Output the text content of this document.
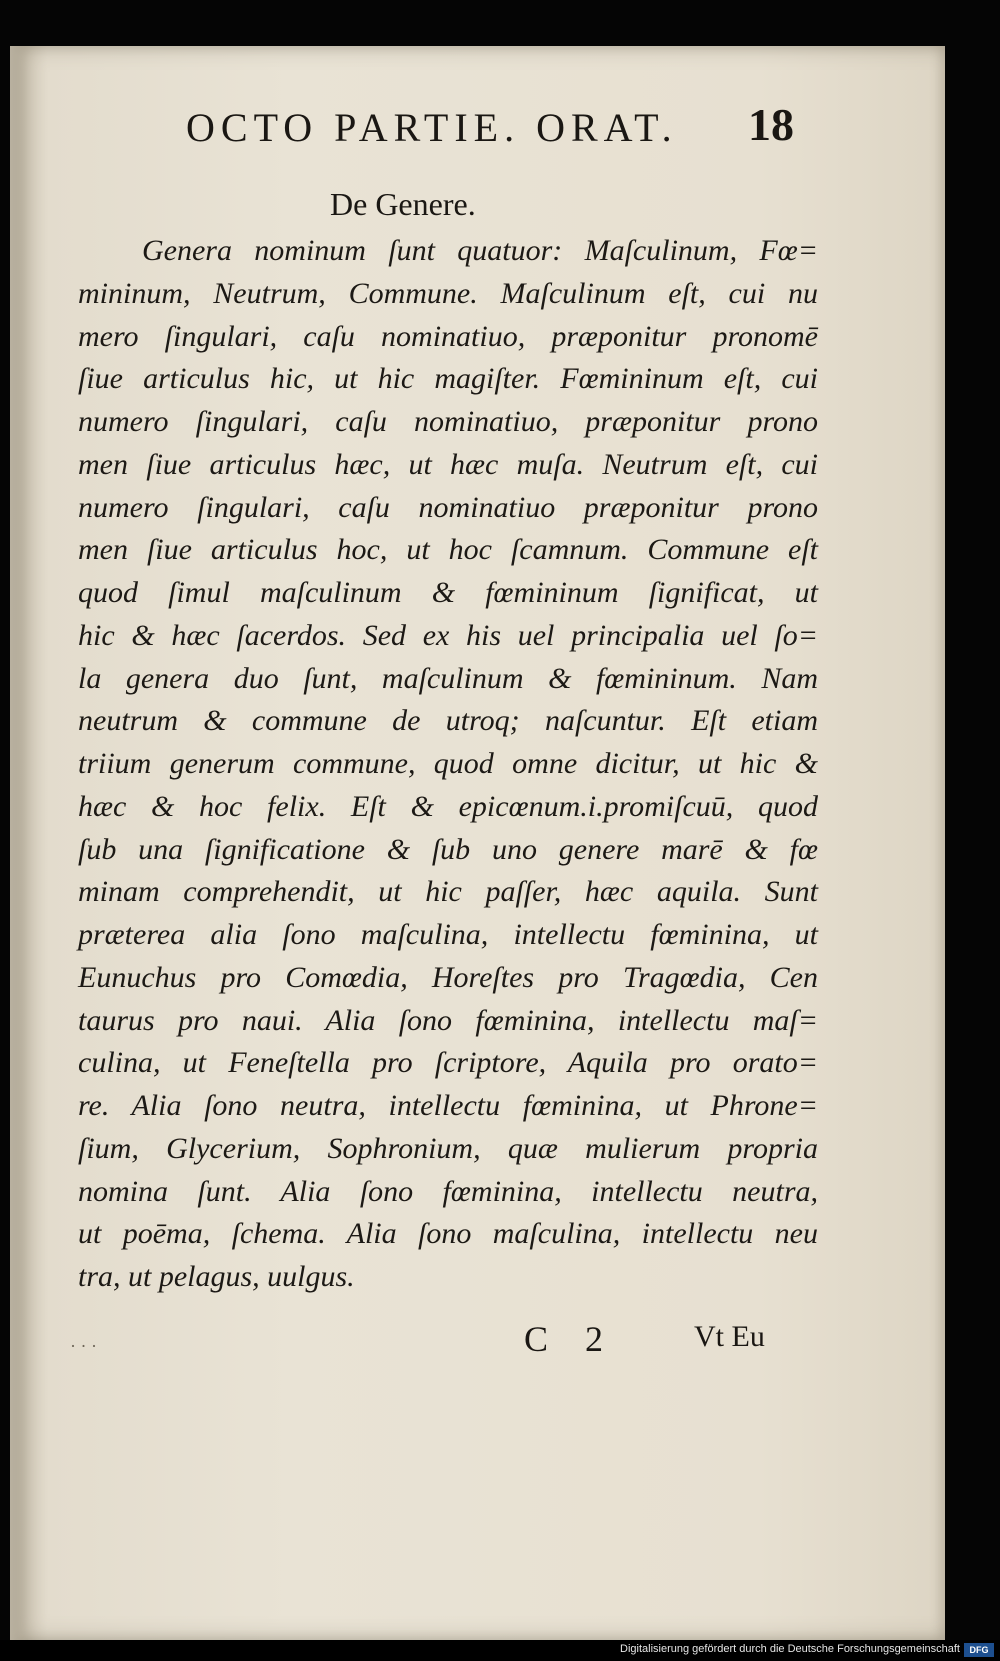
OCTO PARTIE. ORAT.	18
De Genere.
Genera nominum ſunt quatuor: Maſculinum, Fœ=
mininum, Neutrum, Commune. Maſculinum eſt, cui nu
mero ſingulari, caſu nominatiuo, præponitur pronomē
ſiue articulus hic, ut hic magiſter. Fœmininum eſt, cui
numero ſingulari, caſu nominatiuo, præponitur prono
men ſiue articulus hæc, ut hæc muſa. Neutrum eſt, cui
numero ſingulari, caſu nominatiuo præponitur prono
men ſiue articulus hoc, ut hoc ſcamnum. Commune eſt
quod ſimul maſculinum & fœmininum ſignificat, ut
hic & hæc ſacerdos. Sed ex his uel principalia uel ſo=
la genera duo ſunt, maſculinum & fœmininum. Nam
neutrum & commune de utroq; naſcuntur. Eſt etiam
triium generum commune, quod omne dicitur, ut hic &
hæc & hoc felix. Eſt & epicœnum.i.promiſcuū, quod
ſub una ſignificatione & ſub uno genere marē & fœ
minam comprehendit, ut hic paſſer, hæc aquila. Sunt
prætereа alia ſono maſculina, intellectu fœminina, ut
Eunuchus pro Comœdia, Horeſtes pro Tragœdia, Cen
taurus pro naui. Alia ſono fœminina, intellectu maſ=
culina, ut Feneſtella pro ſcriptore, Aquila pro orato=
re. Alia ſono neutra, intellectu fœminina, ut Phrone=
ſium, Glycerium, Sophronium, quæ mulierum propria
nomina ſunt. Alia ſono fœminina, intellectu neutra,
ut poēma, ſchema. Alia ſono maſculina, intellectu neu
tra, ut pelagus, uulgus.
· · ·	C 2	Vt Eu
Digitalisierung gefördert durch die Deutsche Forschungsgemeinschaft	DFG
